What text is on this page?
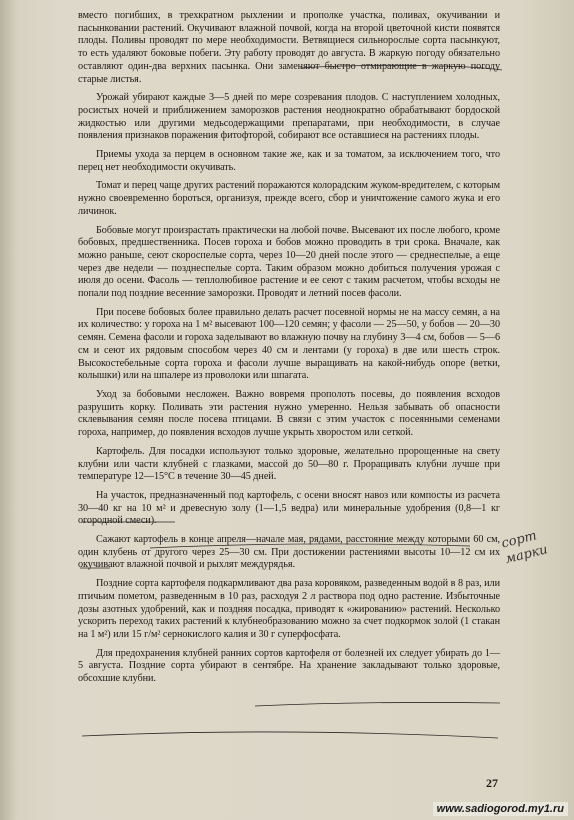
вместо погибших, в трехкратном рыхлении и прополке участка, поливах, окучивании и пасынковании растений. Окучивают влажной почвой, когда на второй цветочной кисти появятся плоды. Поливы проводят по мере необходимости. Ветвящиеся сильнорослые сорта пасынкуют, то есть удаляют боковые побеги. Эту работу проводят до августа. В жаркую погоду обязательно оставляют один-два верхних пасынка. Они заменяют быстро отмирающие в жаркую погоду старые листья.

Урожай убирают каждые 3—5 дней по мере созревания плодов. С наступлением холодных, росистых ночей и приближением заморозков растения неоднократно обрабатывают бордоской жидкостью или другими медьсодержащими препаратами, при необходимости, в случае появления признаков поражения фитофторой, собирают все оставшиеся на растениях плоды.

Приемы ухода за перцем в основном такие же, как и за томатом, за исключением того, что перец нет необходимости окучивать.

Томат и перец чаще других растений поражаются колорадским жуком-вредителем, с которым нужно своевременно бороться, организуя, прежде всего, сбор и уничтожение самого жука и его личинок.

Бобовые могут произрастать практически на любой почве. Высевают их после любого, кроме бобовых, предшественника. Посев гороха и бобов можно проводить в три срока. Вначале, как можно раньше, сеют скороспелые сорта, через 10—20 дней после этого — среднеспелые, а еще через две недели — позднеспелые сорта. Таким образом можно добиться получения урожая с июля до осени. Фасоль — теплолюбивое растение и ее сеют с таким расчетом, чтобы всходы не попали под поздние весенние заморозки. Проводят и летний посев фасоли.

При посеве бобовых более правильно делать расчет посевной нормы не на массу семян, а на их количество: у гороха на 1 м² высевают 100—120 семян; у фасоли — 25—50, у бобов — 20—30 семян. Семена фасоли и гороха заделывают во влажную почву на глубину 3—4 см, бобов — 5—6 см и сеют их рядовым способом через 40 см и лентами (у гороха) в две или шесть строк. Высокостебельные сорта гороха и фасоли лучше выращивать на какой-нибудь опоре (ветки, колышки) или на шпалере из проволоки или шпагата.

Уход за бобовыми несложен. Важно вовремя прополоть посевы, до появления всходов разрушить корку. Поливать эти растения нужно умеренно. Нельзя забывать об опасности склевывания семян после посева птицами. В связи с этим участок с посеянными семенами гороха, например, до появления всходов лучше укрыть хворостом или сеткой.

Картофель. Для посадки используют только здоровые, желательно пророщенные на свету клубни или части клубней с глазками, массой до 50—80 г. Проращивать клубни лучше при температуре 12—15°С в течение 30—45 дней.

На участок, предназначенный под картофель, с осени вносят навоз или компосты из расчета 30—40 кг на 10 м² и древесную золу (1—1,5 ведра) или минеральные удобрения (0,8—1 кг огородной смеси).

Сажают картофель в конце апреля—начале мая, рядами, расстояние между которыми 60 см, один клубень от другого через 25—30 см. При достижении растениями высоты 10—12 см их окучивают влажной почвой и рыхлят междурядья.

Поздние сорта картофеля подкармливают два раза коровяком, разведенным водой в 8 раз, или птичьим пометом, разведенным в 10 раз, расходуя 2 л раствора под одно растение. Избыточные дозы азотных удобрений, как и поздняя посадка, приводят к «жированию» растений. Несколько ускорить переход таких растений к клубнеобразованию можно за счет подкормок золой (1 стакан на 1 м²) или 15 г/м² сернокислого калия и 30 г суперфосфата.

Для предохранения клубней ранних сортов картофеля от болезней их следует убирать до 1—5 августа. Поздние сорта убирают в сентябре. На хранение закладывают только здоровые, обсохшие клубни.

сорт
марки
27
www.sadiogorod.my1.ru
